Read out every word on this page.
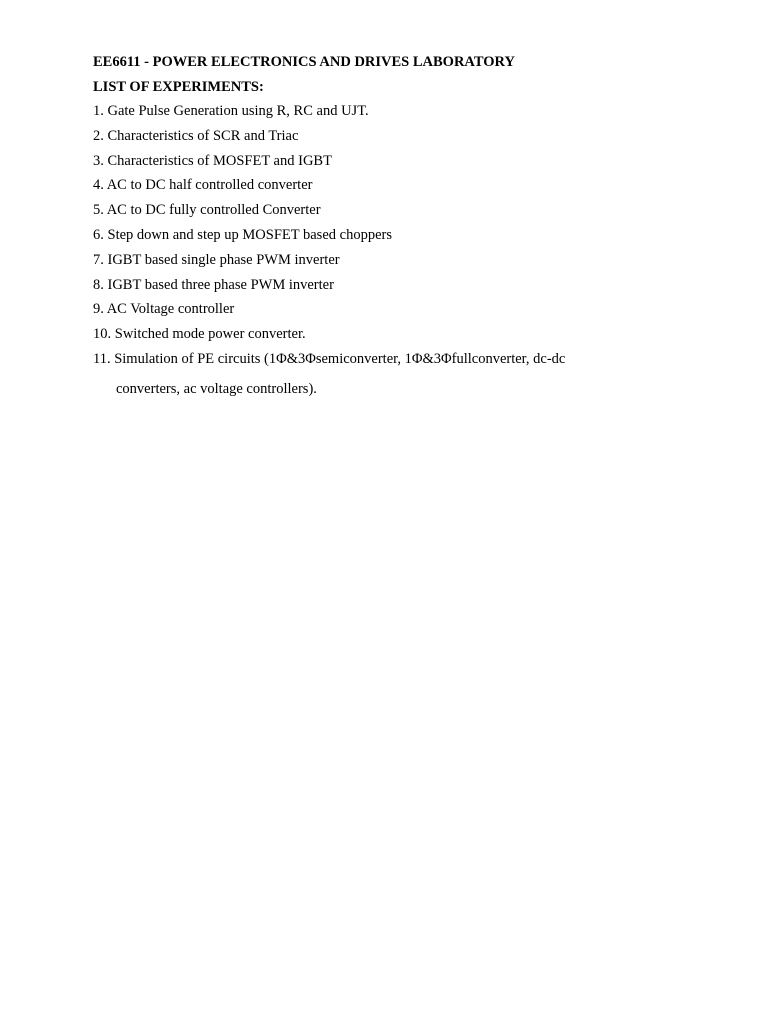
EE6611 - POWER ELECTRONICS AND DRIVES LABORATORY
LIST OF EXPERIMENTS:
1. Gate Pulse Generation using R, RC and UJT.
2. Characteristics of SCR and Triac
3. Characteristics of MOSFET and IGBT
4. AC to DC half controlled converter
5. AC to DC fully controlled Converter
6. Step down and step up MOSFET based choppers
7. IGBT based single phase PWM inverter
8. IGBT based three phase PWM inverter
9. AC Voltage controller
10. Switched mode power converter.
11. Simulation of PE circuits (1Φ&3Φsemiconverter, 1Φ&3Φfullconverter, dc-dc
converters, ac voltage controllers).
